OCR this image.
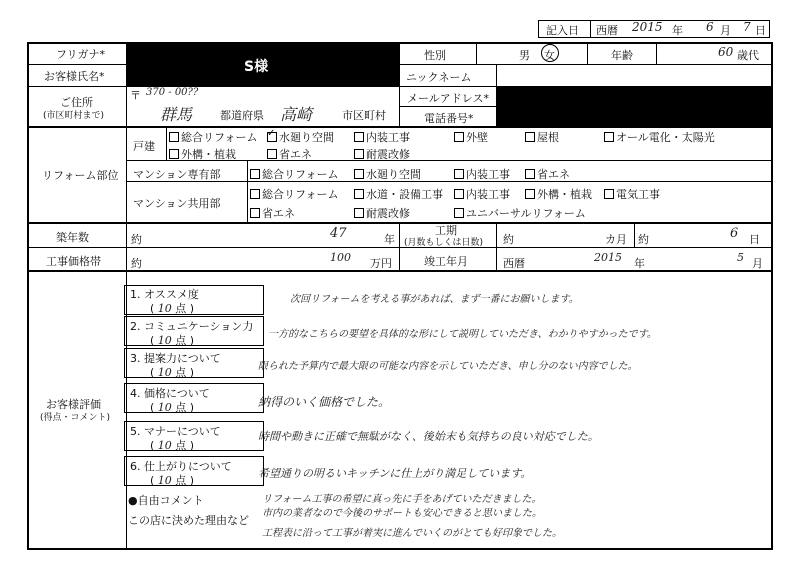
記入日 西暦 2015 年 6 月 7 日
S様
フリガナ*
お客様氏名*
性別	男 女	年齢	60 歳代
ニックネーム
ご住所
(市区町村まで)
〒 370 - 00??
群馬	都道府県 高崎	市区町村
メールアドレス*
電話番号*
リフォーム部位
戸建
総合リフォーム
✓	水廻り空間	内装工事	外壁	屋根	オール電化・太陽光
外構・植栽	省エネ	耐震改修
マンション専有部	総合リフォーム	水廻り空間	内装工事	省エネ
マンション共用部
総合リフォーム	水道・設備工事	内装工事	外構・植栽	電気工事
省エネ	耐震改修	ユニバーサルリフォーム
築年数	約	47	年
工期
(月数もしくは日数) 約	カ月 約	6 日
工事価格帯	約	100 万円	竣工年月	西暦	2015 年	5 月
お客様評価
(得点・コメント)
1. オススメ度
( 10 点 )
次回リフォームを考える事があれば、まず一番にお願いします。
2. コミュニケーション力
( 10 点 )	一方的なこちらの要望を具体的な形にして説明していただき、わかりやすかったです。
3. 提案力について
( 10 点 )	限られた予算内で最大限の可能な内容を示していただき、申し分のない内容でした。
4. 価格について
( 10 点 )	納得のいく価格でした。
5. マナーについて
( 10 点 )
時間や動きに正確で無駄がなく、後始末も気持ちの良い対応でした。
6. 仕上がりについて
( 10 点 )
希望通りの明るいキッチンに仕上がり満足しています。
●自由コメント
この店に決めた理由など
リフォーム工事の希望に真っ先に手をあげていただきました。
市内の業者なので今後のサポートも安心できると思いました。
工程表に沿って工事が着実に進んでいくのがとても好印象でした。
